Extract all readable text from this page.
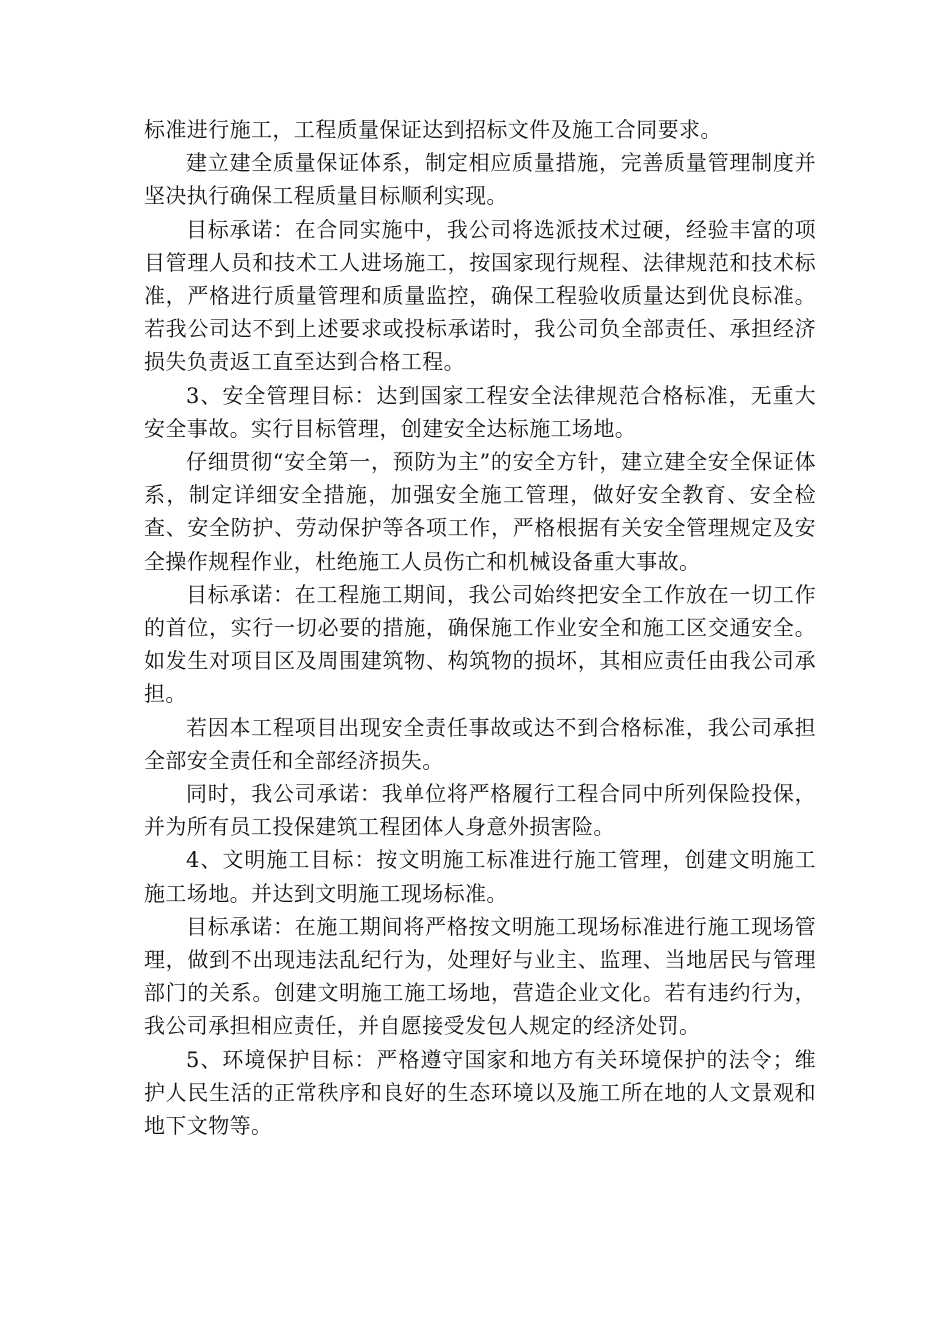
标准进行施工，工程质量保证达到招标文件及施工合同要求。

建立建全质量保证体系，制定相应质量措施，完善质量管理制度并坚决执行确保工程质量目标顺利实现。

目标承诺：在合同实施中，我公司将选派技术过硬，经验丰富的项目管理人员和技术工人进场施工，按国家现行规程、法律规范和技术标准，严格进行质量管理和质量监控，确保工程验收质量达到优良标准。若我公司达不到上述要求或投标承诺时，我公司负全部责任、承担经济损失负责返工直至达到合格工程。

3、安全管理目标：达到国家工程安全法律规范合格标准，无重大安全事故。实行目标管理，创建安全达标施工场地。

仔细贯彻“安全第一，预防为主”的安全方针，建立建全安全保证体系，制定详细安全措施，加强安全施工管理，做好安全教育、安全检查、安全防护、劳动保护等各项工作，严格根据有关安全管理规定及安全操作规程作业，杜绝施工人员伤亡和机械设备重大事故。

目标承诺：在工程施工期间，我公司始终把安全工作放在一切工作的首位，实行一切必要的措施，确保施工作业安全和施工区交通安全。如发生对项目区及周围建筑物、构筑物的损坏，其相应责任由我公司承担。

若因本工程项目出现安全责任事故或达不到合格标准，我公司承担全部安全责任和全部经济损失。

同时，我公司承诺：我单位将严格履行工程合同中所列保险投保，并为所有员工投保建筑工程团体人身意外损害险。

4、文明施工目标：按文明施工标准进行施工管理，创建文明施工施工场地。并达到文明施工现场标准。

目标承诺：在施工期间将严格按文明施工现场标准进行施工现场管理，做到不出现违法乱纪行为，处理好与业主、监理、当地居民与管理部门的关系。创建文明施工施工场地，营造企业文化。若有违约行为，我公司承担相应责任，并自愿接受发包人规定的经济处罚。

5、环境保护目标：严格遵守国家和地方有关环境保护的法令；维护人民生活的正常秩序和良好的生态环境以及施工所在地的人文景观和地下文物等。
